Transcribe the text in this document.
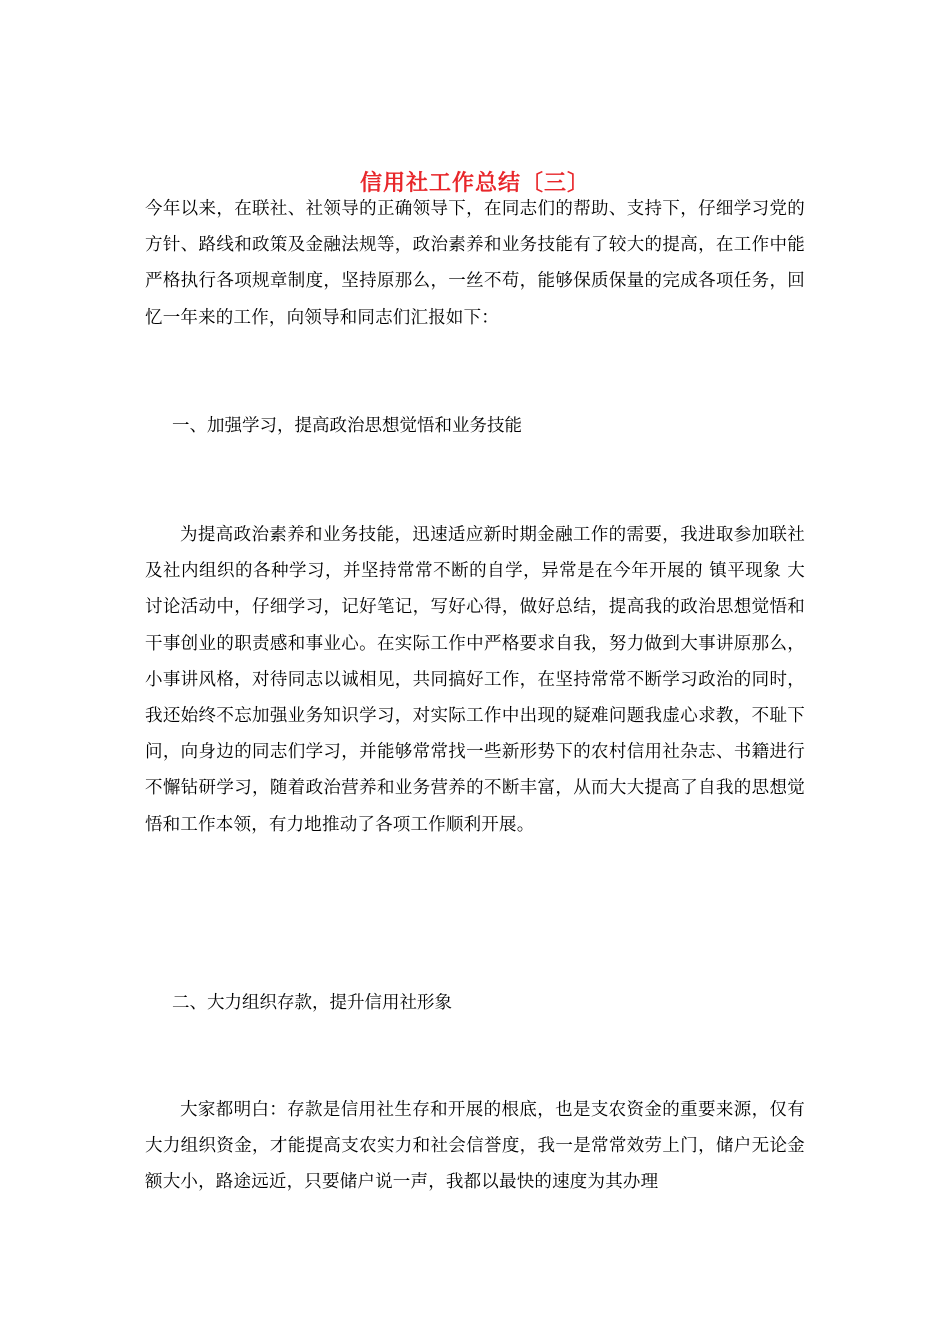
信用社工作总结〔三〕

今年以来，在联社、社领导的正确领导下，在同志们的帮助、支持下，仔细学习党的方针、路线和政策及金融法规等，政治素养和业务技能有了较大的提高，在工作中能严格执行各项规章制度，坚持原那么，一丝不苟，能够保质保量的完成各项任务，回忆一年来的工作，向领导和同志们汇报如下：

一、加强学习，提高政治思想觉悟和业务技能

为提高政治素养和业务技能，迅速适应新时期金融工作的需要，我进取参加联社及社内组织的各种学习，并坚持常常不断的自学，异常是在今年开展的 镇平现象 大讨论活动中，仔细学习，记好笔记，写好心得，做好总结，提高我的政治思想觉悟和干事创业的职责感和事业心。在实际工作中严格要求自我，努力做到大事讲原那么，小事讲风格，对待同志以诚相见，共同搞好工作，在坚持常常不断学习政治的同时，我还始终不忘加强业务知识学习，对实际工作中出现的疑难问题我虚心求教，不耻下问，向身边的同志们学习，并能够常常找一些新形势下的农村信用社杂志、书籍进行不懈钻研学习，随着政治营养和业务营养的不断丰富，从而大大提高了自我的思想觉悟和工作本领，有力地推动了各项工作顺利开展。

二、大力组织存款，提升信用社形象

大家都明白：存款是信用社生存和开展的根底，也是支农资金的重要来源，仅有大力组织资金，才能提高支农实力和社会信誉度，我一是常常效劳上门，储户无论金额大小，路途远近，只要储户说一声，我都以最快的速度为其办理
